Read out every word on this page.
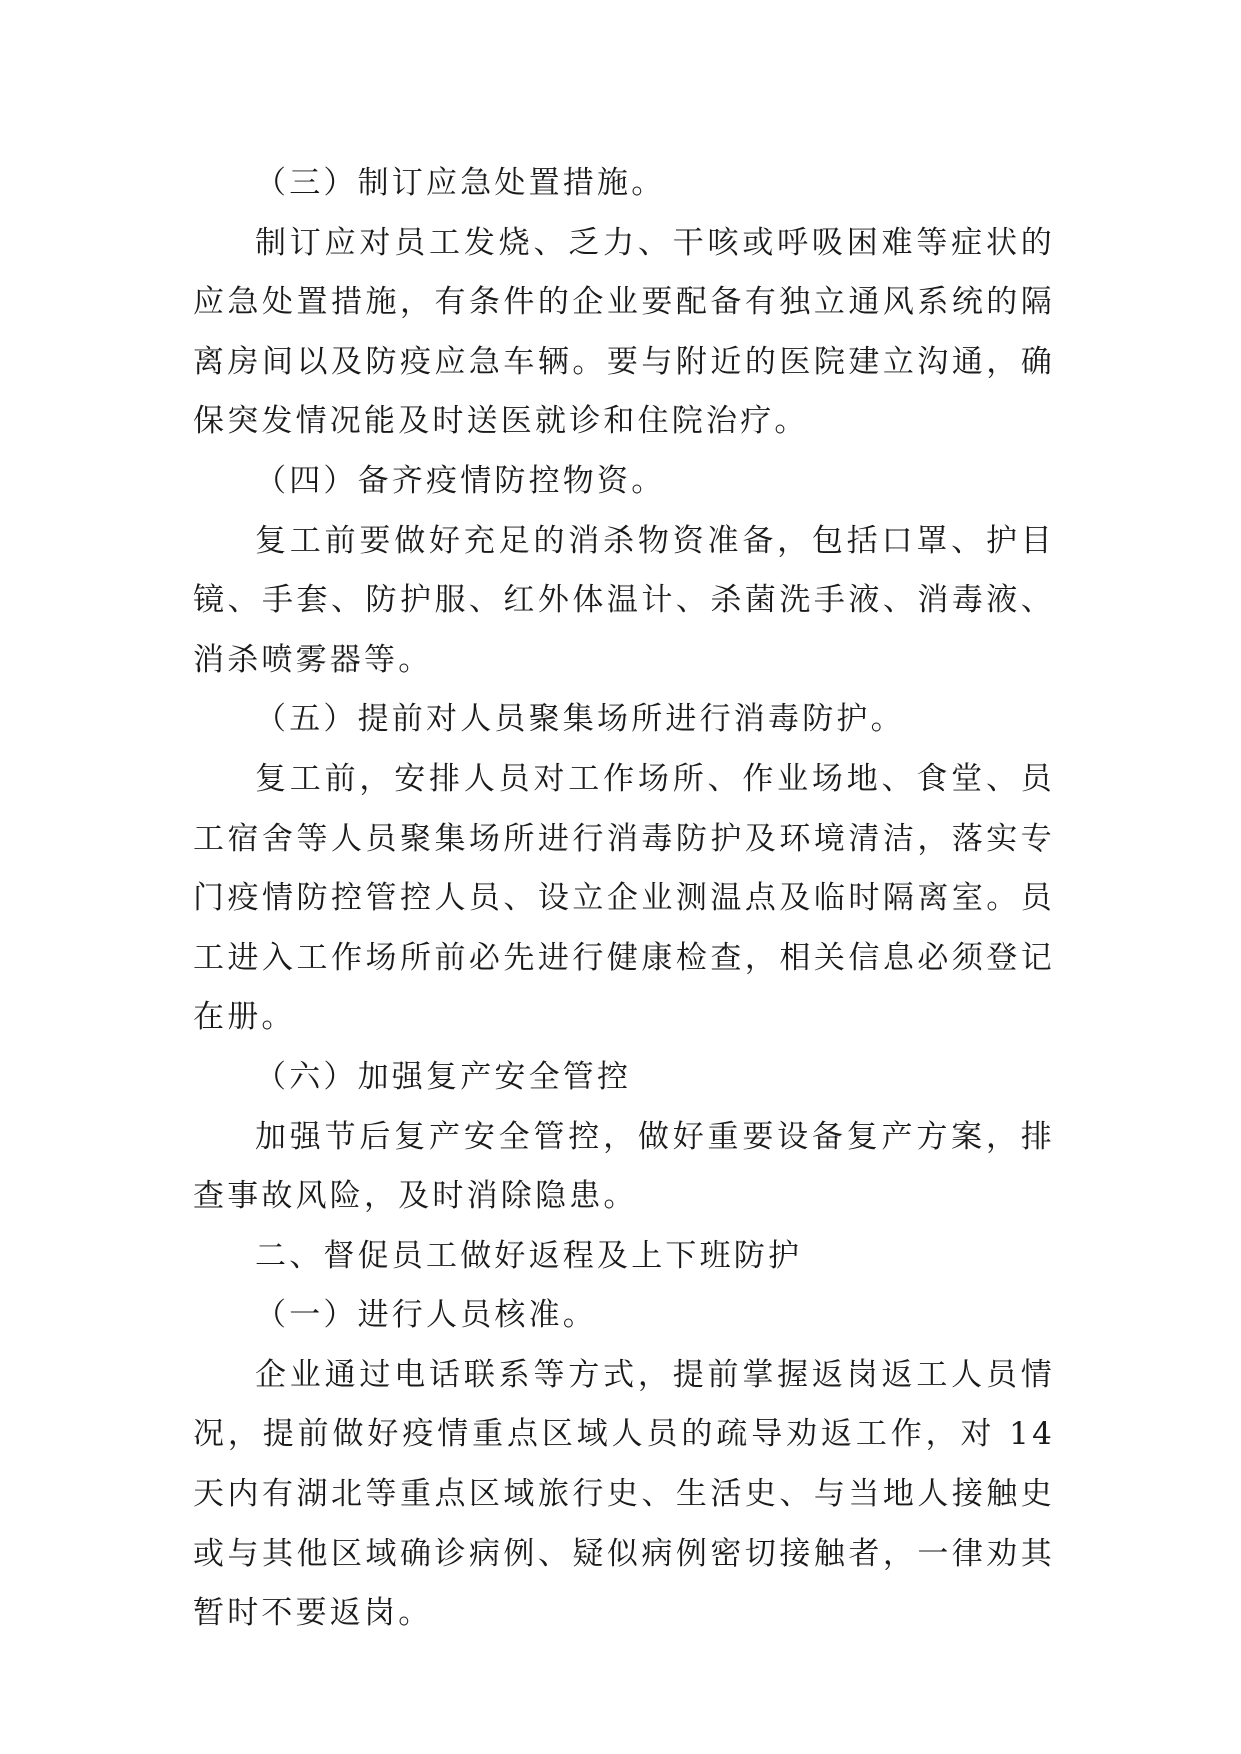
（三）制订应急处置措施。

制订应对员工发烧、乏力、干咳或呼吸困难等症状的应急处置措施，有条件的企业要配备有独立通风系统的隔离房间以及防疫应急车辆。要与附近的医院建立沟通，确保突发情况能及时送医就诊和住院治疗。

（四）备齐疫情防控物资。

复工前要做好充足的消杀物资准备，包括口罩、护目镜、手套、防护服、红外体温计、杀菌洗手液、消毒液、消杀喷雾器等。

（五）提前对人员聚集场所进行消毒防护。

复工前，安排人员对工作场所、作业场地、食堂、员工宿舍等人员聚集场所进行消毒防护及环境清洁，落实专门疫情防控管控人员、设立企业测温点及临时隔离室。员工进入工作场所前必先进行健康检查，相关信息必须登记在册。

（六）加强复产安全管控

加强节后复产安全管控，做好重要设备复产方案，排查事故风险，及时消除隐患。

二、督促员工做好返程及上下班防护

（一）进行人员核准。

企业通过电话联系等方式，提前掌握返岗返工人员情况，提前做好疫情重点区域人员的疏导劝返工作，对 14 天内有湖北等重点区域旅行史、生活史、与当地人接触史或与其他区域确诊病例、疑似病例密切接触者，一律劝其暂时不要返岗。
